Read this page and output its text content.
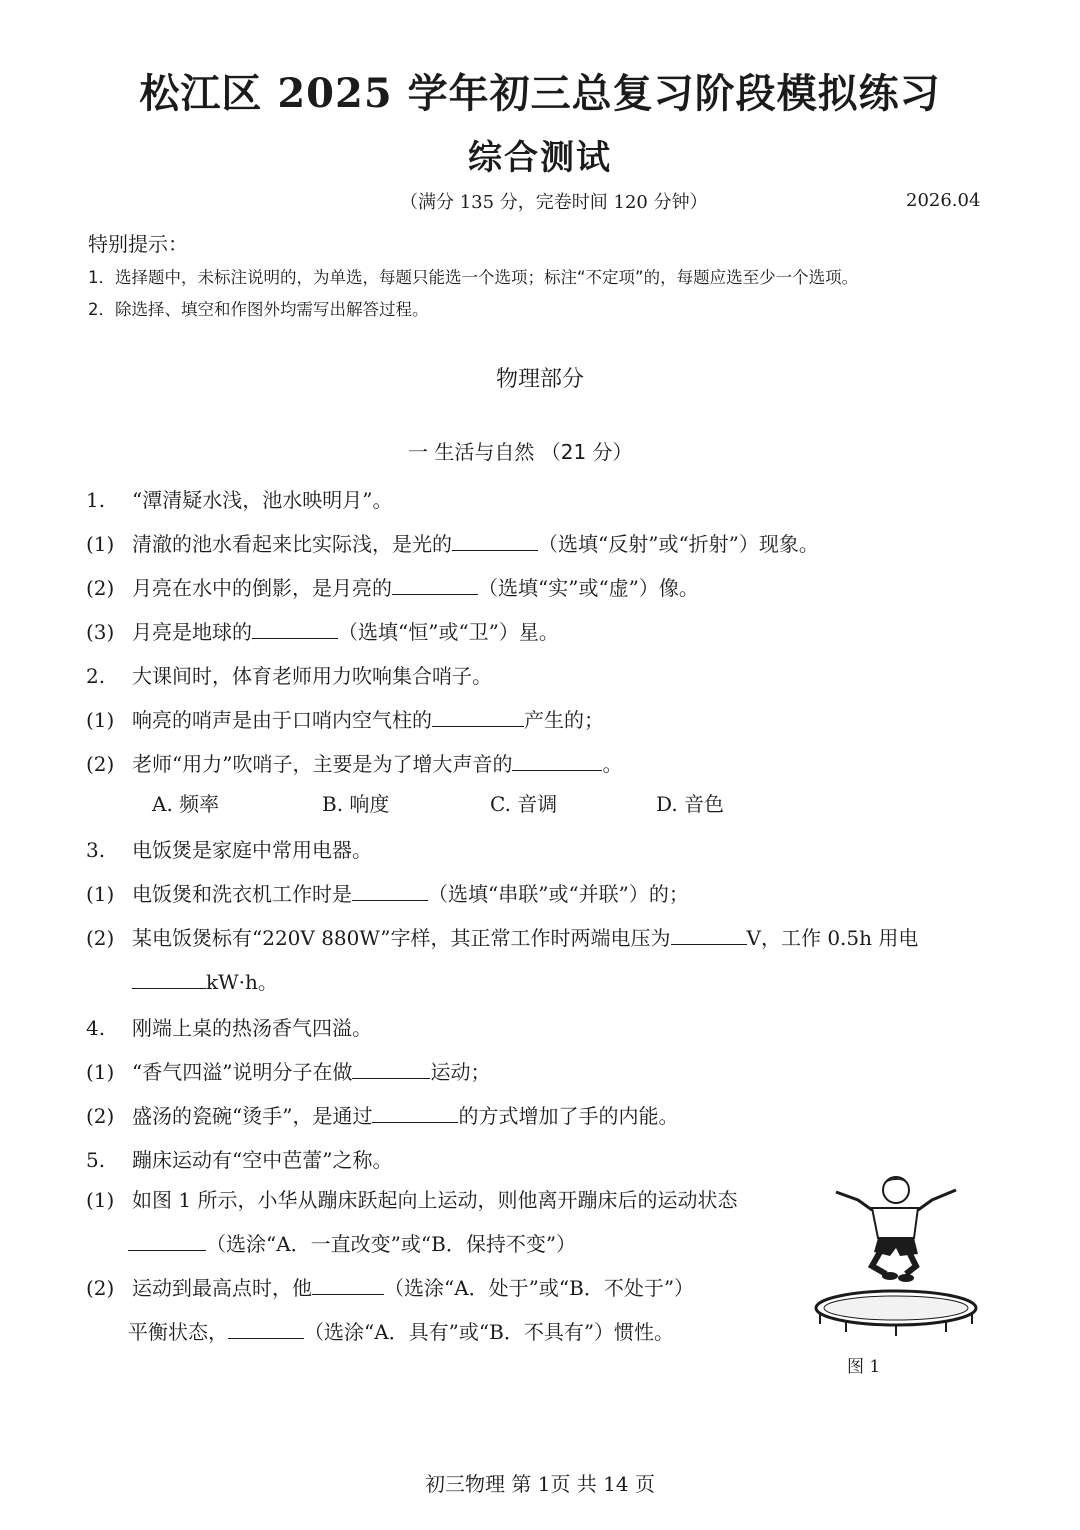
松江区 2025 学年初三总复习阶段模拟练习
综合测试
（满分 135 分，完卷时间 120 分钟）	2026.04
特别提示：
1．选择题中，未标注说明的，为单选，每题只能选一个选项；标注“不定项”的，每题应选至少一个选项。
2．除选择、填空和作图外均需写出解答过程。
物理部分
一 生活与自然 （21 分）
1. “潭清疑水浅，池水映明月”。
(1) 清澈的池水看起来比实际浅，是光的	（选填“反射”或“折射”）现象。
(2) 月亮在水中的倒影，是月亮的	（选填“实”或“虚”）像。
(3) 月亮是地球的	（选填“恒”或“卫”）星。
2. 大课间时，体育老师用力吹响集合哨子。
(1) 响亮的哨声是由于口哨内空气柱的	产生的；
(2) 老师“用力”吹哨子，主要是为了增大声音的	。
A. 频率	B. 响度	C. 音调	D. 音色
3. 电饭煲是家庭中常用电器。
(1) 电饭煲和洗衣机工作时是	（选填“串联”或“并联”）的；
(2) 某电饭煲标有“220V 880W”字样，其正常工作时两端电压为	V，工作 0.5h 用电
kW·h。
4. 刚端上桌的热汤香气四溢。
(1) “香气四溢”说明分子在做	运动；
(2) 盛汤的瓷碗“烫手”，是通过	的方式增加了手的内能。
5. 蹦床运动有“空中芭蕾”之称。
(1) 如图 1 所示，小华从蹦床跃起向上运动，则他离开蹦床后的运动状态
（选涂“A．一直改变”或“B．保持不变”）
(2) 运动到最高点时，他	（选涂“A．处于”或“B．不处于”）
平衡状态，	（选涂“A．具有”或“B．不具有”）惯性。
图 1
初三物理 第 1页 共 14 页
